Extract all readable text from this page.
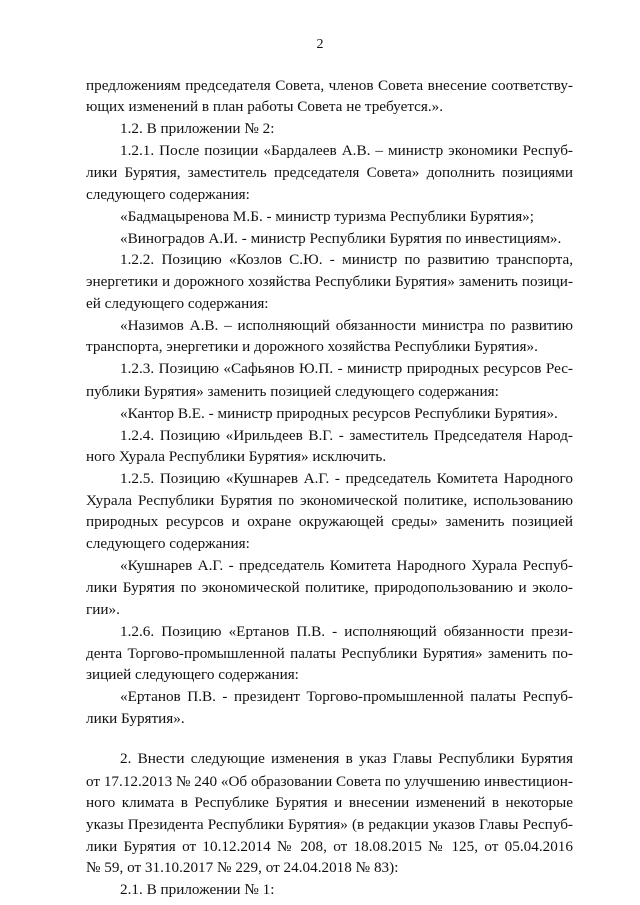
2
предложениям председателя Совета, членов Совета внесение соответству-
ющих изменений в план работы Совета не требуется.».
1.2. В приложении № 2:
1.2.1. После позиции «Бардалеев А.В. – министр экономики Респуб-
лики Бурятия, заместитель председателя Совета» дополнить позициями
следующего содержания:
«Бадмацыренова М.Б. - министр туризма Республики Бурятия»;
«Виноградов А.И. - министр Республики Бурятия по инвестициям».
1.2.2. Позицию «Козлов С.Ю. - министр по развитию транспорта,
энергетики и дорожного хозяйства Республики Бурятия» заменить позици-
ей следующего содержания:
«Назимов А.В. – исполняющий обязанности министра по развитию
транспорта, энергетики и дорожного хозяйства Республики Бурятия».
1.2.3. Позицию «Сафьянов Ю.П. - министр природных ресурсов Рес-
публики Бурятия» заменить позицией следующего содержания:
«Кантор В.Е. - министр природных ресурсов Республики Бурятия».
1.2.4. Позицию «Ирильдеев В.Г. - заместитель Председателя Народ-
ного Хурала Республики Бурятия» исключить.
1.2.5. Позицию «Кушнарев А.Г. - председатель Комитета Народного
Хурала Республики Бурятия по экономической политике, использованию
природных ресурсов и охране окружающей среды» заменить позицией
следующего содержания:
«Кушнарев А.Г. - председатель Комитета Народного Хурала Респуб-
лики Бурятия по экономической политике, природопользованию и эколо-
гии».
1.2.6. Позицию «Ертанов П.В. - исполняющий обязанности прези-
дента Торгово-промышленной палаты Республики Бурятия» заменить по-
зицией следующего содержания:
«Ертанов П.В. - президент Торгово-промышленной палаты Респуб-
лики Бурятия».
2. Внести следующие изменения в указ Главы Республики Бурятия
от 17.12.2013 № 240 «Об образовании Совета по улучшению инвестицион-
ного климата в Республике Бурятия и внесении изменений в некоторые
указы Президента Республики Бурятия» (в редакции указов Главы Респуб-
лики Бурятия от 10.12.2014 № 208, от 18.08.2015 № 125, от 05.04.2016
№ 59, от 31.10.2017 № 229, от 24.04.2018 № 83):
2.1. В приложении № 1:
